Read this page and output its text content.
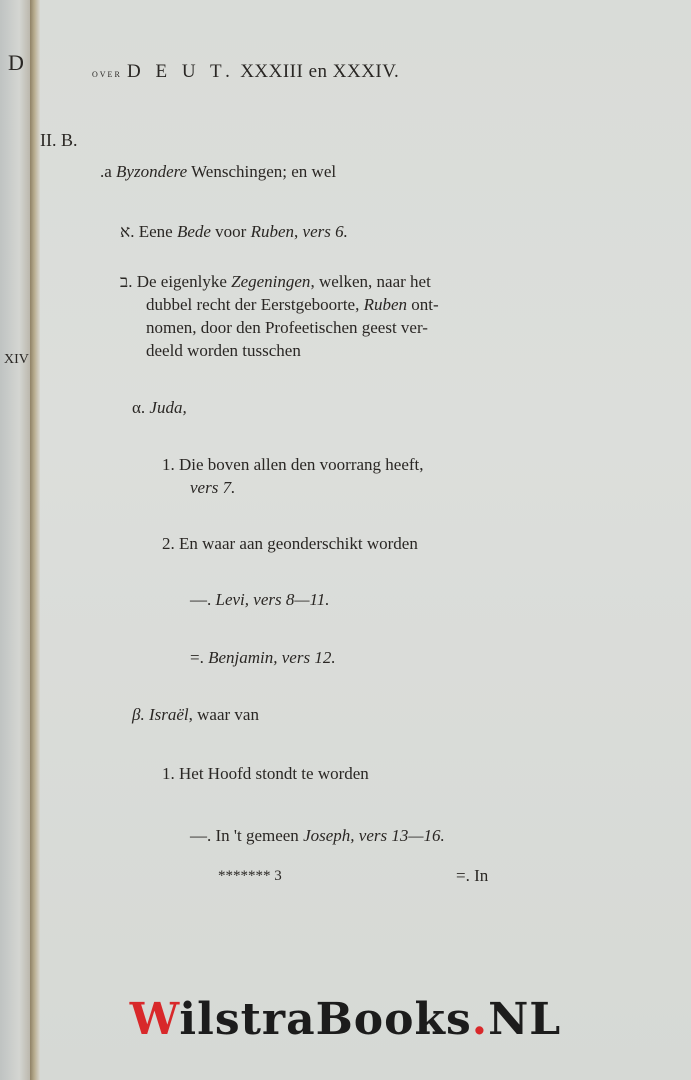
D
XIV

over D E U T. XXXIII en XXXIV.
II. B.
.a Byzondere Wenschingen; en wel
א. Eene Bede voor Ruben, vers 6.
ב. De eigenlyke Zegeningen, welken, naar het
dubbel recht der Eerstgeboorte, Ruben ont-
nomen, door den Profeetischen geest ver-
deeld worden tusschen
α. Juda,
1. Die boven allen den voorrang heeft,
vers 7.
2. En waar aan geonderschikt worden
—. Levi, vers 8—11.
=. Benjamin, vers 12.
β. Israël, waar van
1. Het Hoofd stondt te worden
—. In 't gemeen Joseph, vers 13—16.
******* 3	=. In
WilstraBooks.NL
